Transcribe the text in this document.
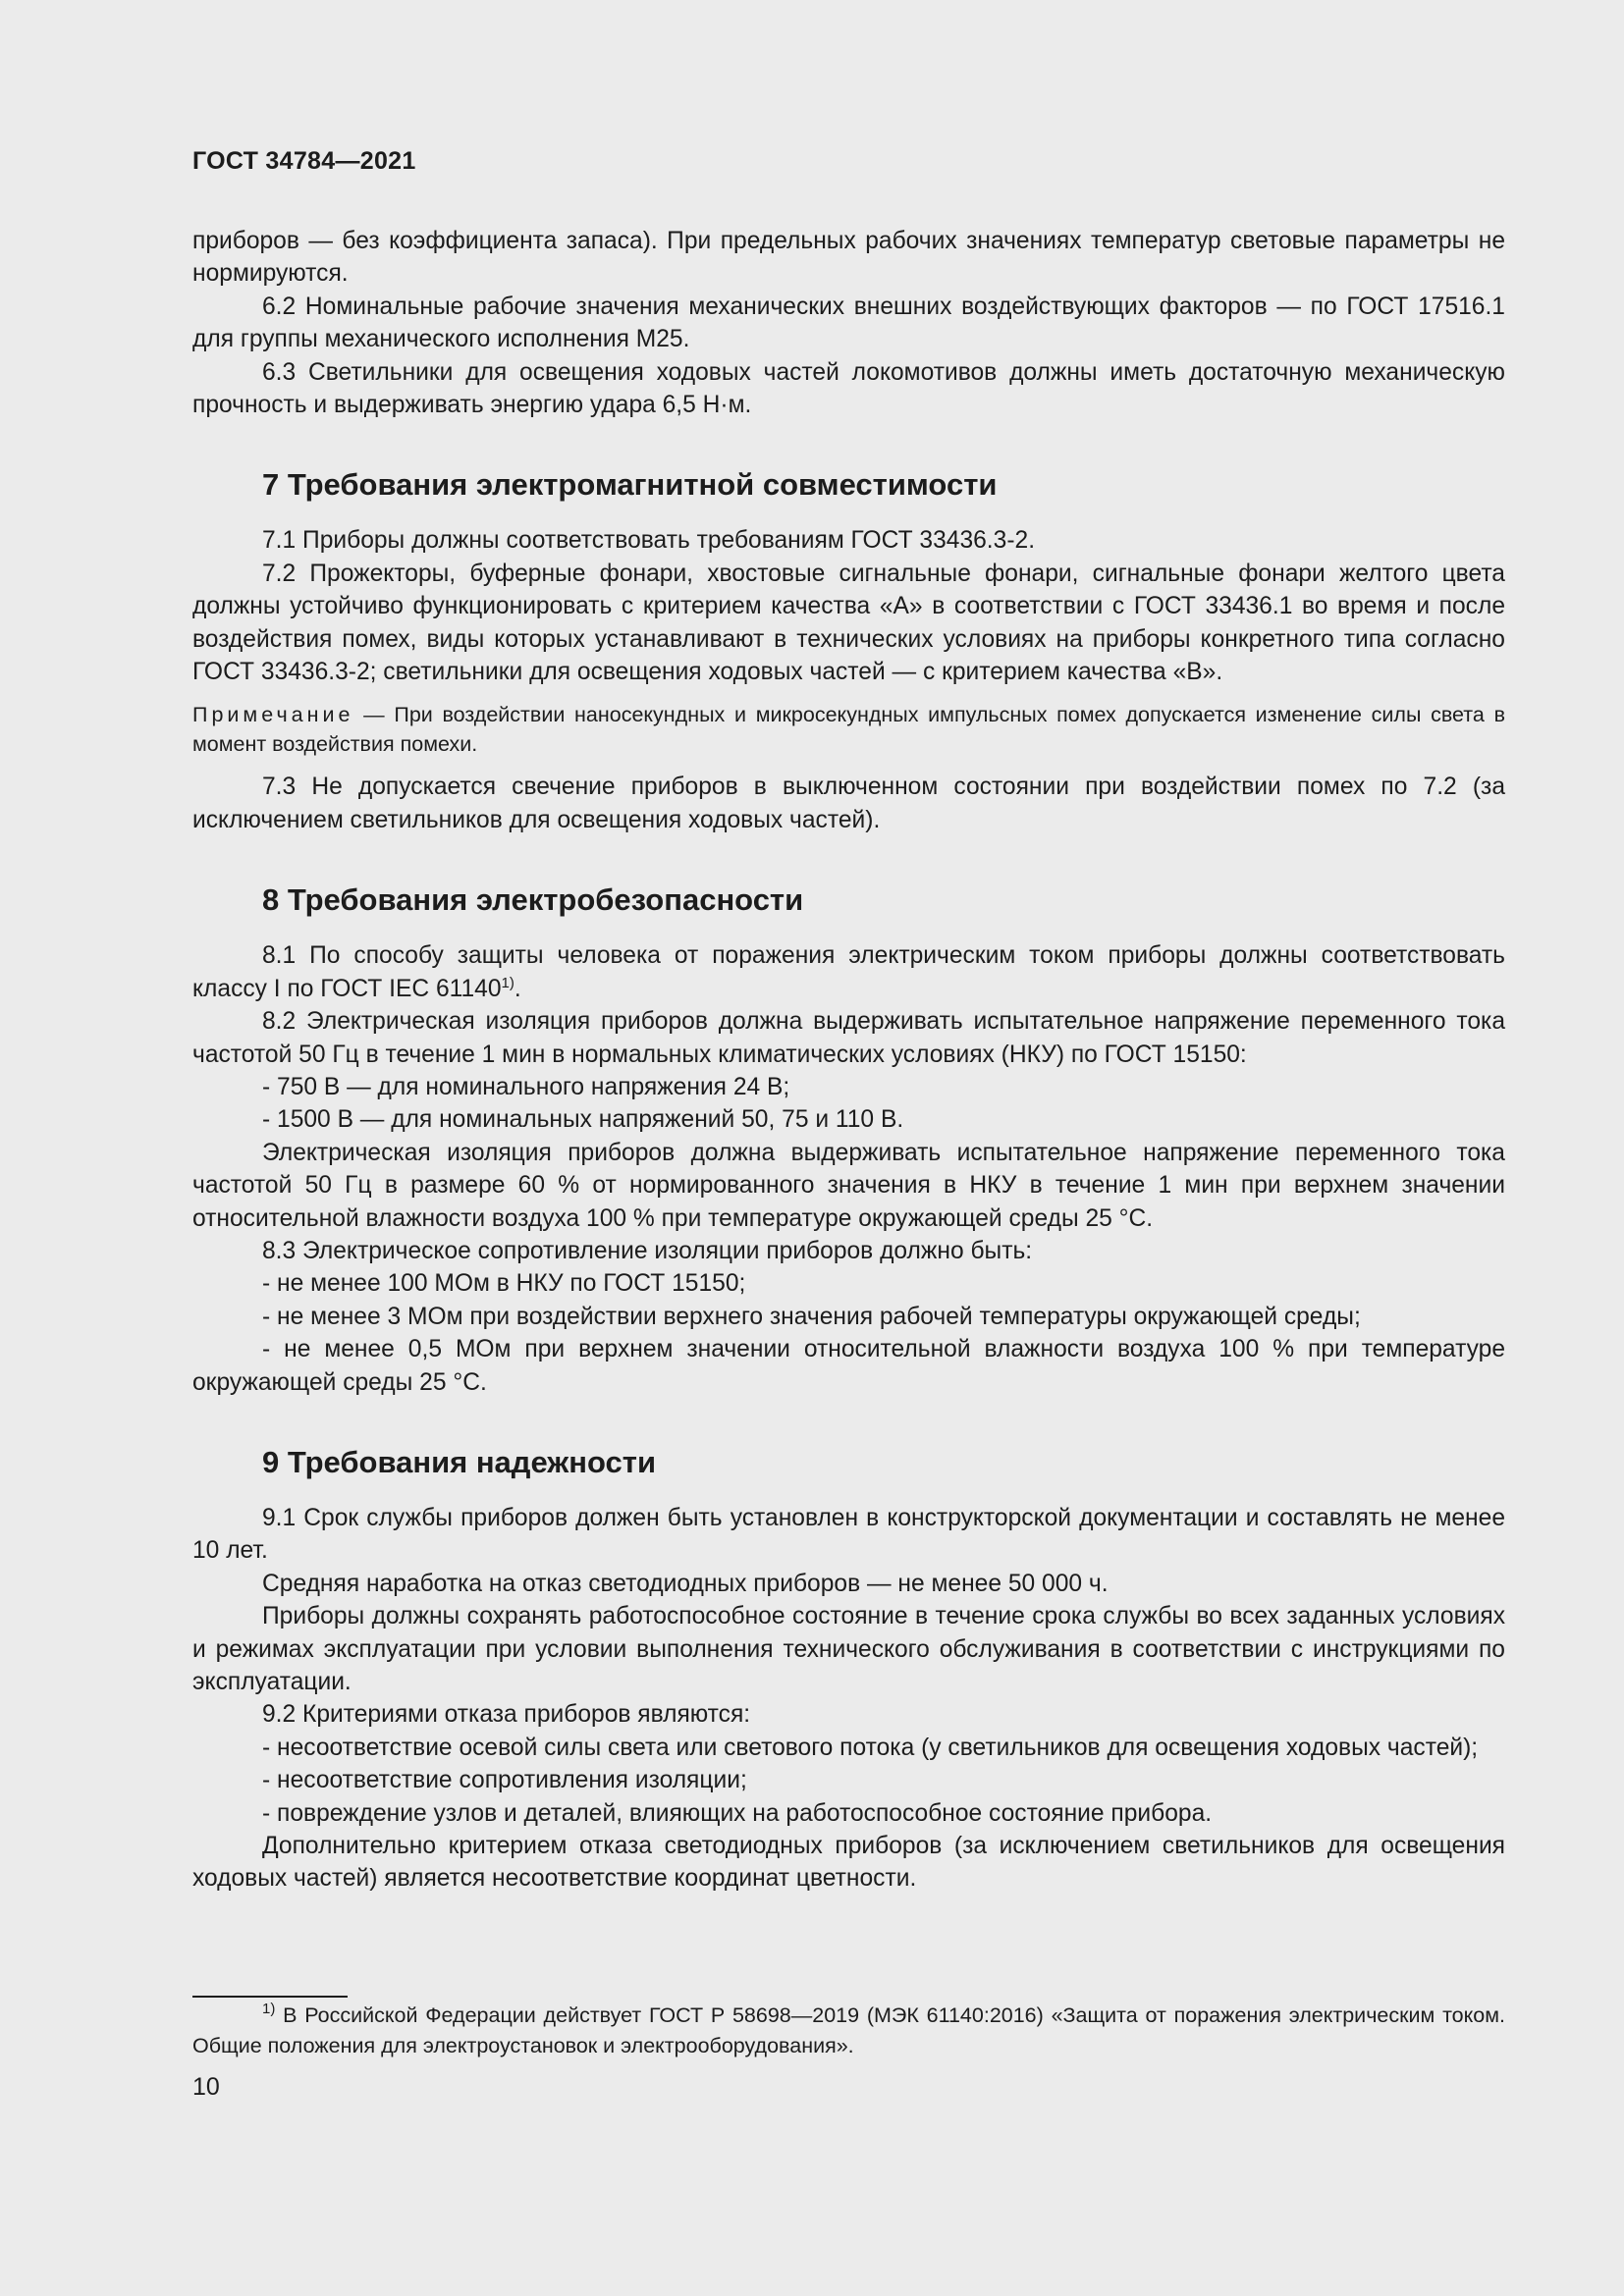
ГОСТ 34784—2021

приборов — без коэффициента запаса). При предельных рабочих значениях температур световые параметры не нормируются.

6.2 Номинальные рабочие значения механических внешних воздействующих факторов — по ГОСТ 17516.1 для группы механического исполнения М25.

6.3 Светильники для освещения ходовых частей локомотивов должны иметь достаточную механическую прочность и выдерживать энергию удара 6,5 Н·м.

7 Требования электромагнитной совместимости

7.1 Приборы должны соответствовать требованиям ГОСТ 33436.3-2.

7.2 Прожекторы, буферные фонари, хвостовые сигнальные фонари, сигнальные фонари желтого цвета должны устойчиво функционировать с критерием качества «А» в соответствии с ГОСТ 33436.1 во время и после воздействия помех, виды которых устанавливают в технических условиях на приборы конкретного типа согласно ГОСТ 33436.3-2; светильники для освещения ходовых частей — с критерием качества «В».

Примечание — При воздействии наносекундных и микросекундных импульсных помех допускается изменение силы света в момент воздействия помехи.

7.3 Не допускается свечение приборов в выключенном состоянии при воздействии помех по 7.2 (за исключением светильников для освещения ходовых частей).

8 Требования электробезопасности

8.1 По способу защиты человека от поражения электрическим током приборы должны соответствовать классу I по ГОСТ IEC 61140$^{1)}$.

8.2 Электрическая изоляция приборов должна выдерживать испытательное напряжение переменного тока частотой 50 Гц в течение 1 мин в нормальных климатических условиях (НКУ) по ГОСТ 15150:

- 750 В — для номинального напряжения 24 В;

- 1500 В — для номинальных напряжений 50, 75 и 110 В.

Электрическая изоляция приборов должна выдерживать испытательное напряжение переменного тока частотой 50 Гц в размере 60 % от нормированного значения в НКУ в течение 1 мин при верхнем значении относительной влажности воздуха 100 % при температуре окружающей среды 25 °С.

8.3 Электрическое сопротивление изоляции приборов должно быть:

- не менее 100 МОм в НКУ по ГОСТ 15150;

- не менее 3 МОм при воздействии верхнего значения рабочей температуры окружающей среды;

- не менее 0,5 МОм при верхнем значении относительной влажности воздуха 100 % при температуре окружающей среды 25 °С.

9 Требования надежности

9.1 Срок службы приборов должен быть установлен в конструкторской документации и составлять не менее 10 лет.

Средняя наработка на отказ светодиодных приборов — не менее 50 000 ч.

Приборы должны сохранять работоспособное состояние в течение срока службы во всех заданных условиях и режимах эксплуатации при условии выполнения технического обслуживания в соответствии с инструкциями по эксплуатации.

9.2 Критериями отказа приборов являются:

- несоответствие осевой силы света или светового потока (у светильников для освещения ходовых частей);

- несоответствие сопротивления изоляции;

- повреждение узлов и деталей, влияющих на работоспособное состояние прибора.

Дополнительно критерием отказа светодиодных приборов (за исключением светильников для освещения ходовых частей) является несоответствие координат цветности.

$^{1)}$ В Российской Федерации действует ГОСТ Р 58698—2019 (МЭК 61140:2016) «Защита от поражения электрическим током. Общие положения для электроустановок и электрооборудования».

10
